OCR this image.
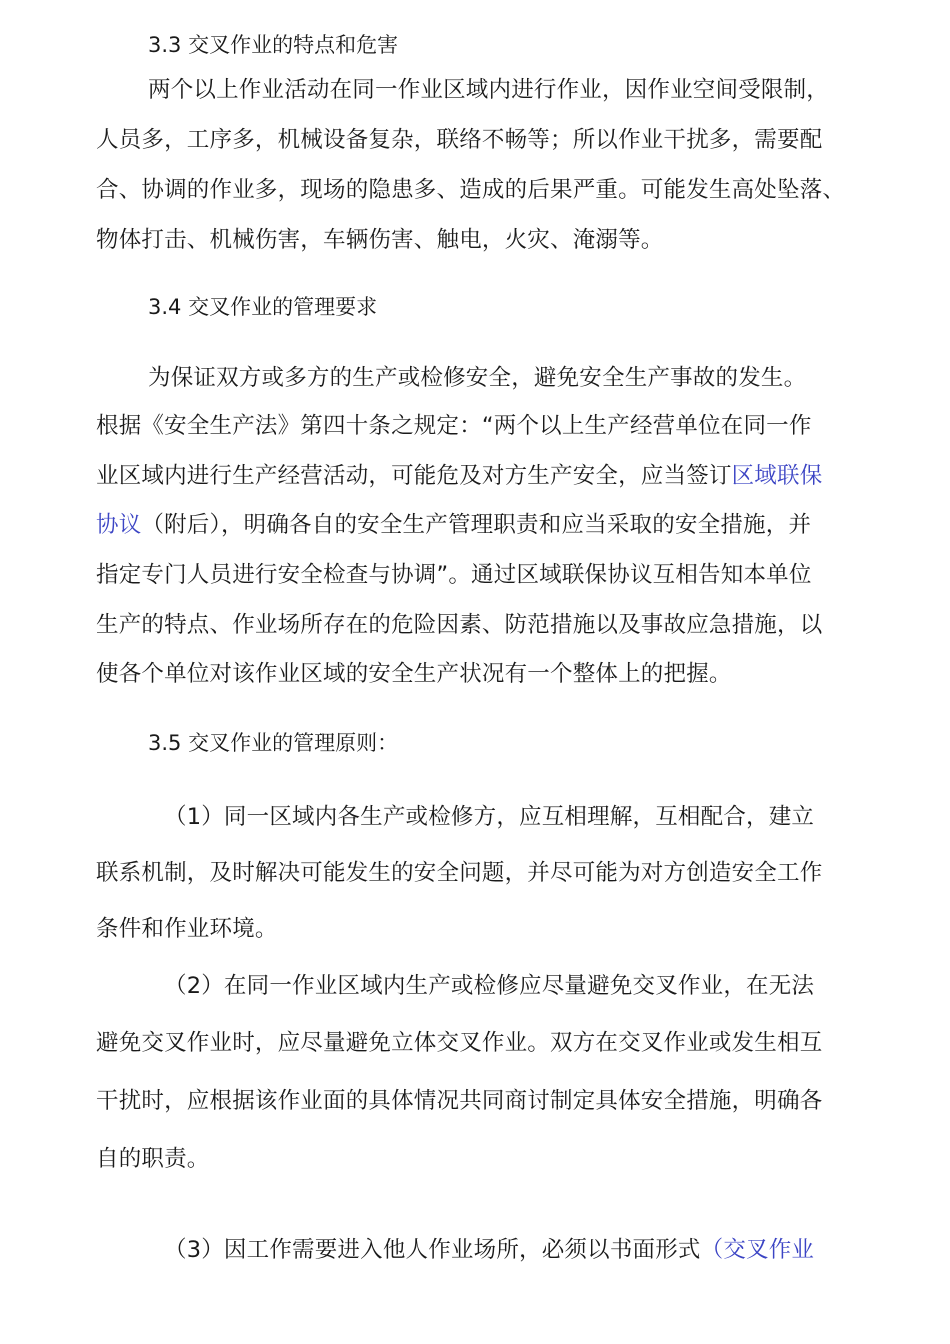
3.3 交叉作业的特点和危害
两个以上作业活动在同一作业区域内进行作业，因作业空间受限制，
人员多，工序多，机械设备复杂，联络不畅等；所以作业干扰多，需要配
合、协调的作业多，现场的隐患多、造成的后果严重。可能发生高处坠落、
物体打击、机械伤害，车辆伤害、触电，火灾、淹溺等。
3.4 交叉作业的管理要求
为保证双方或多方的生产或检修安全，避免安全生产事故的发生。
根据《安全生产法》第四十条之规定：“两个以上生产经营单位在同一作
业区域内进行生产经营活动，可能危及对方生产安全，应当签订区域联保
协议（附后），明确各自的安全生产管理职责和应当采取的安全措施，并
指定专门人员进行安全检查与协调”。通过区域联保协议互相告知本单位
生产的特点、作业场所存在的危险因素、防范措施以及事故应急措施，以
使各个单位对该作业区域的安全生产状况有一个整体上的把握。
3.5 交叉作业的管理原则：
（1）同一区域内各生产或检修方，应互相理解，互相配合，建立
联系机制，及时解决可能发生的安全问题，并尽可能为对方创造安全工作
条件和作业环境。
（2）在同一作业区域内生产或检修应尽量避免交叉作业，在无法
避免交叉作业时，应尽量避免立体交叉作业。双方在交叉作业或发生相互
干扰时，应根据该作业面的具体情况共同商讨制定具体安全措施，明确各
自的职责。
（3）因工作需要进入他人作业场所，必须以书面形式（交叉作业
